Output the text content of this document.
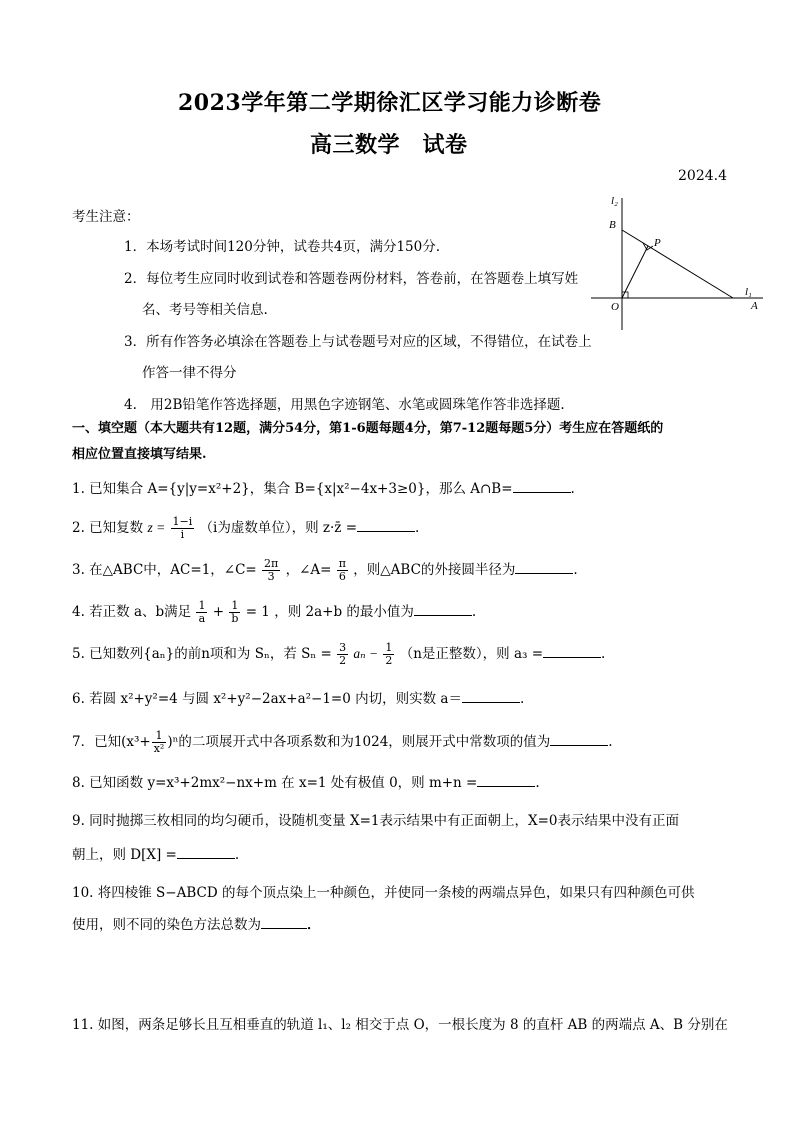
2023学年第二学期徐汇区学习能力诊断卷
高三数学　试卷
2024.4
考生注意：
1．本场考试时间120分钟，试卷共4页，满分150分.
2．每位考生应同时收到试卷和答题卷两份材料，答卷前，在答题卷上填写姓
名、考号等相关信息.
3．所有作答务必填涂在答题卷上与试卷题号对应的区域，不得错位，在试卷上
作答一律不得分
4.　用2B铅笔作答选择题，用黑色字迹钢笔、水笔或圆珠笔作答非选择题.
l₂
B
P
O	A
l₁
一、填空题（本大题共有12题，满分54分，第1-6题每题4分，第7-12题每题5分）考生应在答题纸的
相应位置直接填写结果.
1. 已知集合 A={y|y=x²+2}，集合 B={x|x²−4x+3≥0}，那么 A∩B=	.
2. 已知复数 $z = \frac{1-i}{i} (i$为虚数单位），则 z·z̄ =	.
3. 在△ABC中，AC=1，∠C= $\frac{2\pi}{3}$ ，∠A= $\frac{\pi}{6}$ ，则△ABC的外接圆半径为	.
4. 若正数 a、b满足 $\frac{1}{a} + \frac{1}{b} = 1$ ，则 2a+b 的最小值为	.
5. 已知数列{aₙ}的前n项和为 Sₙ，若 $S_n = \frac{3}{2}$ $a_n - \frac{1}{2} (n$是正整数），则 a₃ =	.
6. 若圆 x²+y²=4 与圆 x²+y²−2ax+a²−1=0 内切，则实数 a＝	.
7．已知$(x^3+ \frac{1}{\text{x²}} )^n$的二项展开式中各项系数和为1024，则展开式中常数项的值为	.
8. 已知函数 y=x³+2mx²−nx+m 在 x=1 处有极值 0，则 m+n =	.
9. 同时抛掷三枚相同的均匀硬币，设随机变量 X=1表示结果中有正面朝上，X=0表示结果中没有正面
朝上，则 D[X] =	.
10. 将四棱锥 S−ABCD 的每个顶点染上一种颜色，并使同一条棱的两端点异色，如果只有四种颜色可供
使用，则不同的染色方法总数为	．
11. 如图，两条足够长且互相垂直的轨道 l₁、l₂ 相交于点 O，一根长度为 8 的直杆 AB 的两端点 A、B 分别在
